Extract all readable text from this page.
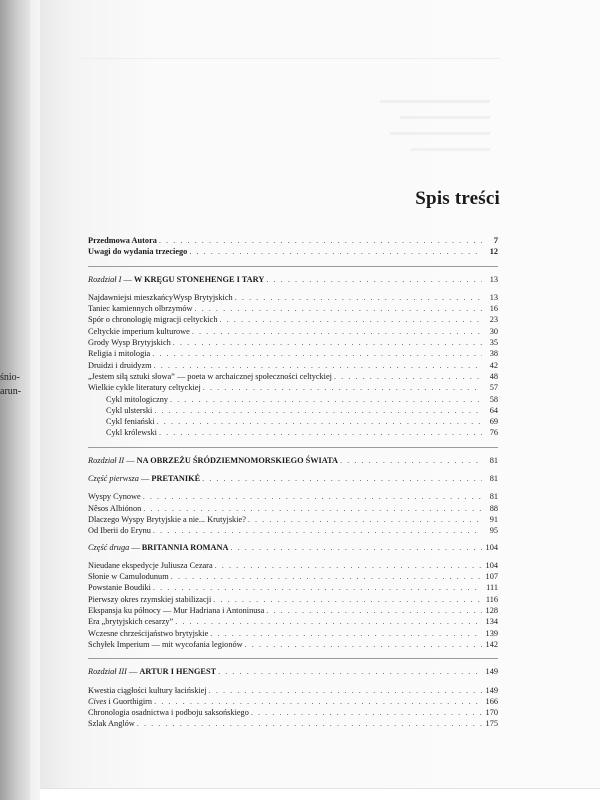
śnio-
arun-
Spis treści
Przedmowa Autora . . .	7
Uwagi do wydania trzeciego . . .	12
Rozdział I — W KRĘGU STONEHENGE I TARY . . .	13
Najdawniejsi mieszkańcyWysp Brytyjskich . . .	13
Taniec kamiennych olbrzymów . . .	16
Spór o chronologię migracji celtyckich . . .	23
Celtyckie imperium kulturowe . . .	30
Grody Wysp Brytyjskich . . .	35
Religia i mitologia . . .	38
Druidzi i druidyzm . . .	42
„Jestem siłą sztuki słowa” — poeta w archaicznej społeczności celtyckiej . . .	48
Wielkie cykle literatury celtyckiej . . .	57
Cykl mitologiczny . . .	58
Cykl ulsterski . . .	64
Cykl feniański . . .	69
Cykl królewski . . .	76
Rozdział II — NA OBRZEŻU ŚRÓDZIEMNOMORSKIEGO ŚWIATA . . .	81
Część pierwsza — PRETANIKÉ . . .	81
Wyspy Cynowe . . .	81
Nêsos Albiónon . . .	88
Dlaczego Wyspy Brytyjskie a nie... Krutyjskie? . . .	91
Od Iberii do Erynu . . .	95
Część druga — BRITANNIA ROMANA . . .	104
Nieudane ekspedycje Juliusza Cezara . . .	104
Słonie w Camulodunum . . .	107
Powstanie Boudiki . . .	111
Pierwszy okres rzymskiej stabilizacji . . .	116
Ekspansja ku północy — Mur Hadriana i Antoninusa . . .	128
Era „brytyjskich cesarzy” . . .	134
Wczesne chrześcijaństwo brytyjskie . . .	139
Schyłek Imperium — mit wycofania legionów . . .	142
Rozdział III — ARTUR I HENGEST . . .	149
Kwestia ciągłości kultury łacińskiej . . .	149
Cives i Guorthigirn . . .	166
Chronologia osadnictwa i podboju saksońskiego . . .	170
Szlak Anglów . . .	175
